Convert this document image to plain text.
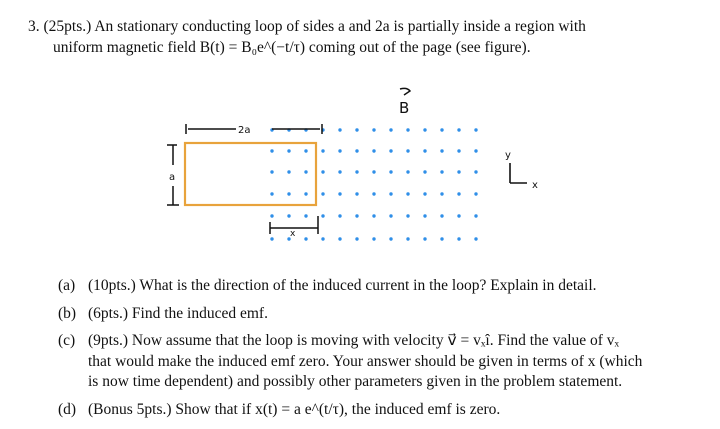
3. (25pts.) An stationary conducting loop of sides a and 2a is partially inside a region with
uniform magnetic field B(t) = B₀e^(−t/τ) coming out of the page (see figure).
2a
a
x
B
y
x
(a) (10pts.) What is the direction of the induced current in the loop? Explain in detail.
(b) (6pts.) Find the induced emf.
(c) (9pts.) Now assume that the loop is moving with velocity v⃗ = vₓî. Find the value of vₓ
that would make the induced emf zero. Your answer should be given in terms of x (which
is now time dependent) and possibly other parameters given in the problem statement.
(d) (Bonus 5pts.) Show that if x(t) = a e^(t/τ), the induced emf is zero.
